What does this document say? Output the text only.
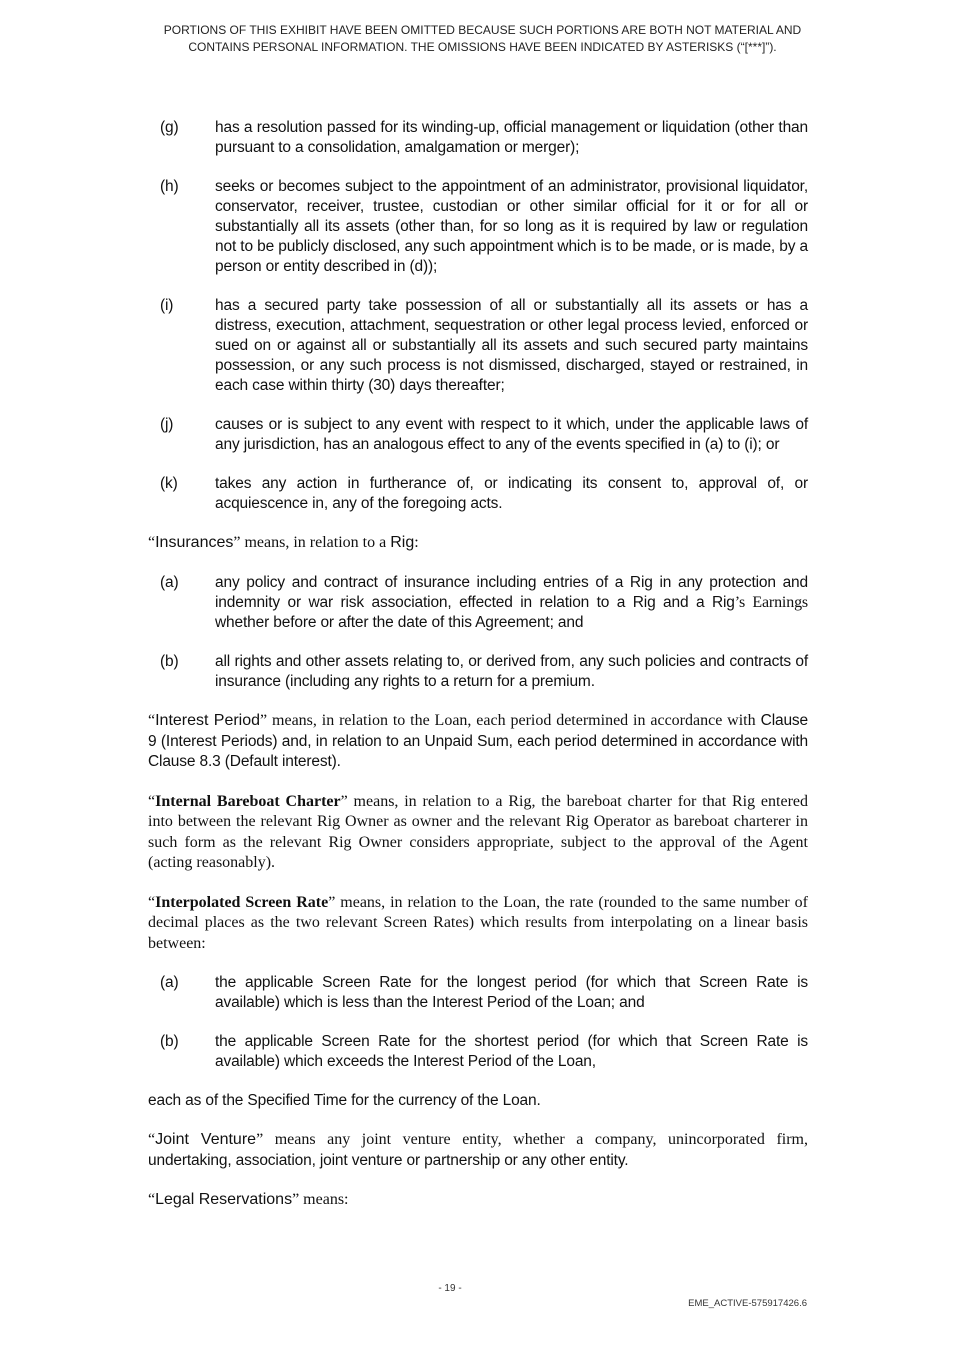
PORTIONS OF THIS EXHIBIT HAVE BEEN OMITTED BECAUSE SUCH PORTIONS ARE BOTH NOT MATERIAL AND
CONTAINS PERSONAL INFORMATION. THE OMISSIONS HAVE BEEN INDICATED BY ASTERISKS (“[***]”).
(g) has a resolution passed for its winding-up, official management or liquidation (other than pursuant to a consolidation, amalgamation or merger);
(h) seeks or becomes subject to the appointment of an administrator, provisional liquidator, conservator, receiver, trustee, custodian or other similar official for it or for all or substantially all its assets (other than, for so long as it is required by law or regulation not to be publicly disclosed, any such appointment which is to be made, or is made, by a person or entity described in (d));
(i)	has a secured party take possession of all or substantially all its assets or has a distress, execution, attachment, sequestration or other legal process levied, enforced or sued on or against all or substantially all its assets and such secured party maintains possession, or any such process is not dismissed, discharged, stayed or restrained, in each case within thirty (30) days thereafter;
(j)	causes or is subject to any event with respect to it which, under the applicable laws of any jurisdiction, has an analogous effect to any of the events specified in (a) to (i); or
(k) takes any action in furtherance of, or indicating its consent to, approval of, or acquiescence in, any of the foregoing acts.
“Insurances” means, in relation to a Rig:
(a) any policy and contract of insurance including entries of a Rig in any protection and indemnity or war risk association, effected in relation to a Rig and a Rig’s Earnings whether before or after the date of this Agreement; and
(b) all rights and other assets relating to, or derived from, any such policies and contracts of insurance (including any rights to a return for a premium.
“Interest Period” means, in relation to the Loan, each period determined in accordance with Clause 9 (Interest Periods) and, in relation to an Unpaid Sum, each period determined in accordance with Clause 8.3 (Default interest).
“Internal Bareboat Charter” means, in relation to a Rig, the bareboat charter for that Rig entered into between the relevant Rig Owner as owner and the relevant Rig Operator as bareboat charterer in such form as the relevant Rig Owner considers appropriate, subject to the approval of the Agent (acting reasonably).
“Interpolated Screen Rate” means, in relation to the Loan, the rate (rounded to the same number of decimal places as the two relevant Screen Rates) which results from interpolating on a linear basis between:
(a) the applicable Screen Rate for the longest period (for which that Screen Rate is available) which is less than the Interest Period of the Loan; and
(b) the applicable Screen Rate for the shortest period (for which that Screen Rate is available) which exceeds the Interest Period of the Loan,
each as of the Specified Time for the currency of the Loan.
“Joint Venture” means any joint venture entity, whether a company, unincorporated firm, undertaking, association, joint venture or partnership or any other entity.
“Legal Reservations” means:
- 19 -
EME_ACTIVE-575917426.6
